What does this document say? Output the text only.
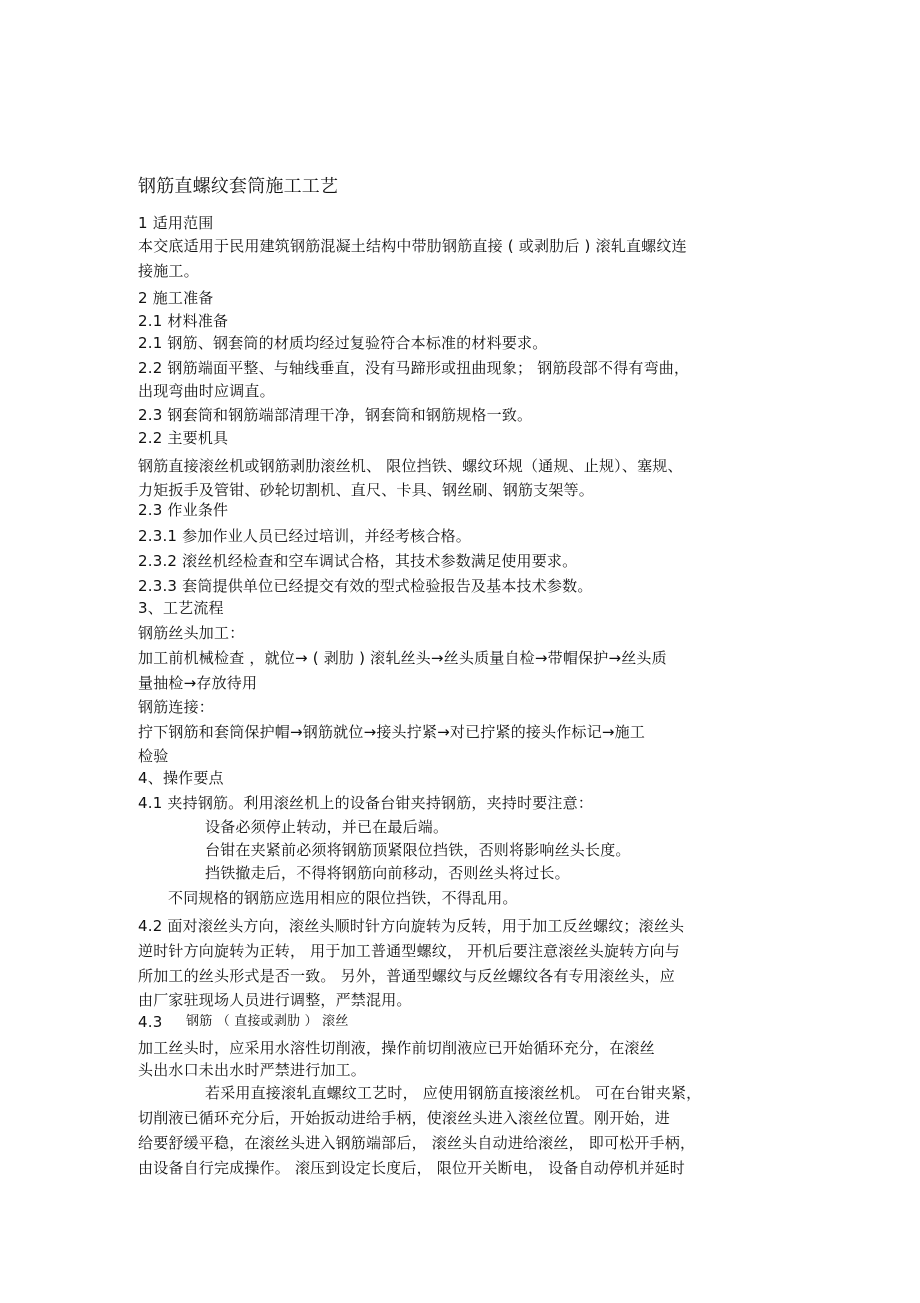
钢筋直螺纹套筒施工工艺
1 适用范围
本交底适用于民用建筑钢筋混凝土结构中带肋钢筋直接 ( 或剥肋后 ) 滚轧直螺纹连
接施工。
2 施工准备
2.1 材料准备
2.1 钢筋、钢套筒的材质均经过复验符合本标准的材料要求。
2.2 钢筋端面平整、与轴线垂直，没有马蹄形或扭曲现象； 钢筋段部不得有弯曲，
出现弯曲时应调直。
2.3 钢套筒和钢筋端部清理干净，钢套筒和钢筋规格一致。
2.2 主要机具
钢筋直接滚丝机或钢筋剥肋滚丝机、 限位挡铁、螺纹环规（通规、止规）、塞规、
力矩扳手及管钳、砂轮切割机、直尺、卡具、钢丝刷、钢筋支架等。
2.3 作业条件
2.3.1 参加作业人员已经过培训，并经考核合格。
2.3.2 滚丝机经检查和空车调试合格，其技术参数满足使用要求。
2.3.3 套筒提供单位已经提交有效的型式检验报告及基本技术参数。
3、工艺流程
钢筋丝头加工：
加工前机械检查 ，就位→ ( 剥肋 ) 滚轧丝头→丝头质量自检→带帽保护→丝头质
量抽检→存放待用
钢筋连接：
拧下钢筋和套筒保护帽→钢筋就位→接头拧紧→对已拧紧的接头作标记→施工
检验
4、操作要点
4.1 夹持钢筋。利用滚丝机上的设备台钳夹持钢筋，夹持时要注意：
设备必须停止转动，并已在最后端。
台钳在夹紧前必须将钢筋顶紧限位挡铁，否则将影响丝头长度。
挡铁撤走后，不得将钢筋向前移动，否则丝头将过长。
不同规格的钢筋应选用相应的限位挡铁，不得乱用。
4.2 面对滚丝头方向，滚丝头顺时针方向旋转为反转，用于加工反丝螺纹；滚丝头
逆时针方向旋转为正转， 用于加工普通型螺纹， 开机后要注意滚丝头旋转方向与
所加工的丝头形式是否一致。 另外，普通型螺纹与反丝螺纹各有专用滚丝头，应
由厂家驻现场人员进行调整，严禁混用。
4.3 钢筋 （ 直接或剥肋 ） 滚丝
加工丝头时，应采用水溶性切削液，操作前切削液应已开始循环充分，在滚丝
头出水口未出水时严禁进行加工。
若采用直接滚轧直螺纹工艺时， 应使用钢筋直接滚丝机。 可在台钳夹紧，
切削液已循环充分后，开始扳动进给手柄，使滚丝头进入滚丝位置。刚开始，进
给要舒缓平稳，在滚丝头进入钢筋端部后， 滚丝头自动进给滚丝， 即可松开手柄，
由设备自行完成操作。 滚压到设定长度后， 限位开关断电， 设备自动停机并延时
